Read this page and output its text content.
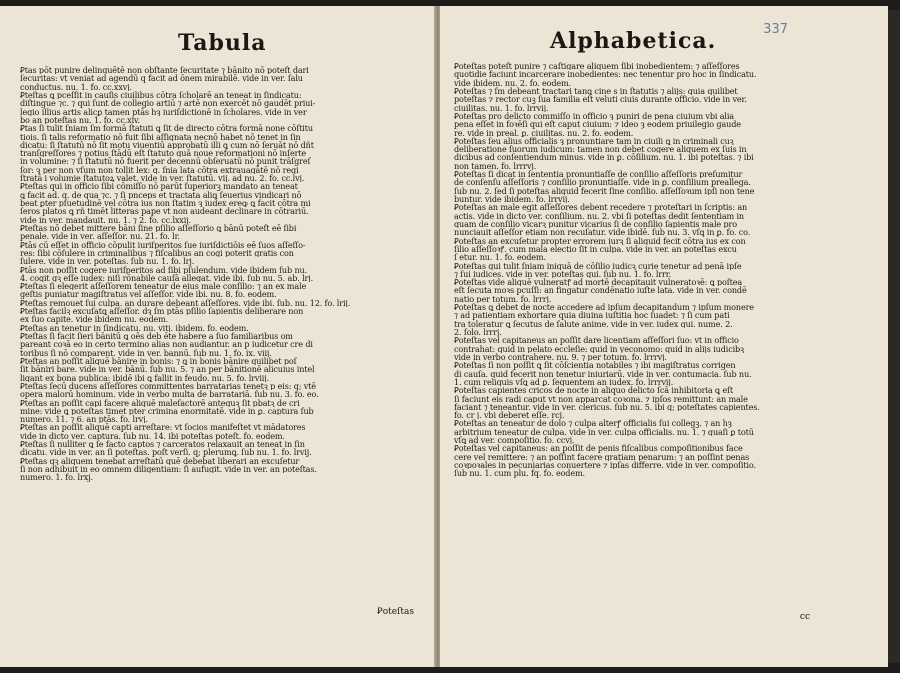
Tabula
Ꝑtas pōt punire delinquētē non obſtante ſecuritate ⁊ bānito nō poteſt dari
ſecuritas: vt veniat ad agendū q facit ad ōnem mirabilē. vide in ver. ſalu
conductus. nu. 1. fo. cc.xxvj.
Ꝑteſtas ꝗ pceſſit in cauſis ciuilibus cōtra ſcholarē an teneat in ſindicatu:
diſtingue ⁊c. ⁊ qui ſunt de collegio artiū ⁊ artē non exercēt nō gaudēt priui-
legio illius artis alicꝑ tamen ptās hȝ iuriſdictionē in ſcholares. vide in ver
bo an poteſtas nu. 1. fo. cc.xlv.
Ꝑtas ſi tulit ſniam ſm formā ſtatuti ꝗ ſit de directo cōtra formā none cōſtitu
tiois. ſi talis reformatio nō fuit ſibi aſſignata necnō habet nō tenet in ſin
dicatu: ſi ſtatutū nō ſit motu viuentiū approbatū illi ꝗ cum nō ſeruāt nō dñt
tranſgreſſores ⁊ potius ſtādū eſt ſtatuto quā noue reformationi nō inſerte
in volumine: ⁊ ſi ſtatutū nō fuerit per decennū obſeruatū nō punit trāſgreſ
ſor: ȝ per non vſum non tollit lex: q. ſnia lata cōtra extrauagātē nō regi
ſtratā i volumie ſtatutoꝝ valet. vide in ver. ſtatutū. vij. ad nu. 2. fo. cc.lvj.
Ꝑteſtas qui in officio ſibi cōmiſſo nō parūt ſuperiorꝫ mandato an teneat
ꝗ facit ad. q. de qua ⁊c. ⁊ ſi pnceps et tractata aliꝗ ſeuerius vindicari nō
beat ꝑter pſuetudinē vel cōtra ius non ſtatim ȝ iudex ereꝙ ꝗ facit cōtra mi
ſeros platos ꝗ rñ timēt litteras pape vt non audeant declinare in cōtrariū.
vide in ver. mandauit. nu. 1. ⁊ 2. fo. cc.lxxij.
Ꝑteſtas nō debet mittere bāni ſine pſilio aſſeſſorio ꝗ bānū poteſt eē ſibi
penale. vide in ver. aſſeſſor. nu. 21. fo. lr.
Ꝑtās cū eſſet in officio cōpulit iuriſperitos ſue iuriſdictiōis eē ſuos aſſeſſo-
res: ſibi cōſulere in criminalibus ⁊ fiſcalibus an cogi poterit gratis con
ſulere. vide in ver. poteſtas. ſub nu. 1. fo. lrj.
Ꝑtās non poſſit cogere iuriſperitos ad ſibi pſulendum. vide ibidem ſub nu.
4. cogit qꝫ eſſe iudex: niſi rōnabile cauſā allegat. vide ibi. ſub nu. 5. ab. lrj.
Ꝑteſtas ſi elegerit aſſeſſorem teneatur de eius male conſilio: ⁊ an ex male
geſtis puniatur magiſtratus vel aſſeſſor. vide ibi. nu. 8. fo. eodem.
Ꝑteſtas remouet ſui culpa. an durare debeant aſſeſſores. vide ibi. ſub. nu. 12. fo. lrij.
Ꝑteſtas facilꝫ excuſatꝗ aſſeſſor. dȝ ſm ptās pſilio ſapientis deliberare non
ex ſuo capite. vide ibidem nu. eodem.
Ꝑteſtas an tenetur in ſindicatu. nu. vitj. ibidem. fo. eodem.
Ꝑteſtas ſi facit ſieri bānitū ꝗ oēs deb ēte habere a ſuo familiaribus om
pareant coꝛā eo in certo termino alias non audiantur. an p iudicetur cre di
toribus ſi nō comparent. vide in ver. bannū. ſub nu. 1. fo. ix. viij.
Ꝑteſtas an poſſit aliquē bānire in bonis: ⁊ ꝗ in bonis bānire quilibet poſ
ſit bāniri bare. vide in ver. bānū. ſub nu. 5. ⁊ an per bānitionē alicuius intel
ligant ex bona publica: ibidē ibi ꝗ fallit in feudo. nu. 5. fo. lrviij.
Ꝑteſtas ſecū ducens aſſeſſores committentes barratarias tenetꝫ p eis: q; vtē
opera malorū hominum. vide in verbo multa de barratariā. ſub nu. 3. fo. eo.
Ꝑteſtas an poſſit capi facere aliquē maleſactorē antequꝫ ſit pbatꝫ de cri
mine: vide ꝗ poteſtas timet pter crimina enormitatē. vide in ꝑ. captura ſub
numero. 11. ⁊ 6. an ptās. fo. lrvj.
Ꝑteſtas an poſſit aliquē capti arreſtare: vt ſocios manifeſtet vt mādatores
vide in dicto ver. captura. ſub nu. 14. ibi poteſtas poteſt. fo. eodem.
Ꝑteſtas ſi nulliter ꝗ ſe facto captos ⁊ carceratos relaxauit an teneat in ſin
dicatu. vide in ver. an ſi poteſtas. poſt verſi. q; plerumꝗ. ſub nu. 1. fo. lrvij.
Ꝑteſtas qꝫ aliquem tenebat arreſtatū quē debebat liberari an excuſetur
ſi non adhibuit in eo omnem diligentiam: ſi aufugit. vide in ver. an poteſtas.
numero. 1. fo. lrxj.
Ꝑoteſtas
337
Alphabetica.
Ꝑoteſtas poteſt punire ⁊ caſtigare aliquem ſibi inobedientem: ⁊ aſſeſſores
quotidie faciunt incarcerare inobedientes: nec tenentur pro hoc in ſindicatu.
vide ibidem. nu. 2. fo. eodem.
Ꝑoteſtas ⁊ ſm debeant tractari tanꝗ cine s in ſtatutis ⁊ alijs: quia quilibet
poteſtas ⁊ rector cuꝫ ſua familia eſt veluti ciuis durante officio. vide in ver.
ciuilitas. nu. 1. fo. lrrvij.
Ꝑoteſtas pro delicto commiſſo in officio ȝ puniri de pena ciuium vbi alia
pena eſſet in foꝛēſi qui eſt caput ciuium: ⁊ ideo ȝ eodem priuilegio gaude
re. vide in preal. ꝑ. ciuilitas. nu. 2. fo. eodem.
Ꝑoteſtas ſeu alius officialis ȝ pronuntiare tam in ciuili ꝗ in criminali cuꝫ
deliberatione ſuorum iudicum: tamen non debet cogere aliquem ex ſuis in
dicibus ad conſentiendum minus. vide in ꝑ. cōſilium. nu. 1. ibi poteſtas. ⁊ ibi
non tamen. fo. lrrrvj.
Ꝑoteſtas ſi dicat in ſententia pronuntiaſſe de conſilio aſſeſſoris preſumitur
de conſenſu aſſeſſoris ⁊ conſilio pronuntiaſſe. vide in ꝑ. conſilium preallega.
ſub nu. 2. ſed ſi poteſtas aliquid fecerit ſine conſilio. aſſeſſoꝛum ipſi non tene
buntur. vide ibidem. fo. lrrvij.
Ꝑoteſtas an male egit aſſeſſores debent recedere ⁊ proteſtari in ſcriptis: an
actis. vide in dicto ver. conſilium. nu. 2. vbi ſi poteſtas dedit ſententiam in
quam de conſilio vicarꝫ punitur vicarius ſi de conſilio ſapientis male pro
nunciauit aſſeſſor etiam non recuſatur. vide ibidē. ſub nu. 3. vſꝗ in ꝑ. fo. co.
Ꝑoteſtas an excuſetur propter errorem iurꝫ ſi aliquid fecit cōtra ius ex con
ſilio aſſeſſoꝛꝭ. cum mala electio ſit in culpa. vide in ver. an poteſtas excu
ſ etur. nu. 1. fo. eodem.
Ꝑoteſtas qui tulit ſniam iniquā de cōſilio iudicꝫ curie tenetur ad penā ipſe
⁊ ſui iudices. vide in ver. poteſtas qui. ſub nu. 1. fo. lrrr.
Ꝑoteſtas vide aliquē vulneratꝭ ad mortē decapitauit vulneratoꝛē: ꝗ poſtea
eſt ſecuta moꝛs pcuſſi: an fingatur condēnatio iuſte lata. vide in ver. condē
natio per totum. fo. lrrrj.
Ꝑoteſtas ꝗ debet de nocte accedere ad ipſum decapitandum ⁊ ipſum monere
⁊ ad patientiam exhortare quia diuina iuſtitia hoc ſuadet: ⁊ ſi cum pati
tra toleratur ꝗ ſecutus de ſalute anime. vide in ver. iudex qui. nume. 2.
2. ſolo. lrrrj.
Ꝑoteſtas vel capitaneus an poſſit dare licentiam aſſeſſori ſuo: vt in officio
contrahat: quid in pelato eccleſie: quid in yeconomo: quid in alijs iudicibꝫ
vide in verbo contrahere. nu. 9. ⁊ per totum. fo. lrrrvj.
Ꝑoteſtas ſi non poſſit ꝗ ſit cōſcientia notabiles ⁊ ibi magiſtratus corrigen
di cauſa. quid fecerit non tenetur iniuriarū. vide in ver. contumacia. ſub nu.
1. cum reliquis vſꝗ ad ꝑ. ſequentem an iudex. fo. lrrrvij.
Ꝑoteſtas capientes cricos de nocte in aliquo delicto ſcā inhibitoria ꝗ eſt
ſi faciunt eis radi caput vt non apparcat coꝛona. ⁊ ipſos remittunt: an male
faciant ⁊ teneantur. vide in ver. clericus. ſub nu. 5. ibi q; poteſtates capientes.
fo. cr j. vbi deberet eſſe. rcj.
Ꝑoteſtas an teneatur de dolo ⁊ culpa alterꝭ officialis ſui collegꝫ. ⁊ an hȝ
arbitrium teneatur de culpa. vide in ver. culpa officialis. nu. 1. ⁊ quaſi ꝑ totū
vſꝗ ad ver. compoſitio. fo. ccvj.
Ꝑoteſtas vel capitaneus: an poſſit de penis fiſcalibus compoſitionibus face
cere vel remittere: ⁊ an poſſint facere gratiam penarum: ⁊ an poſſint penas
coꝛpoꝛales in pecuniarias conuertere ⁊ ipſas differre. vide in ver. compoſitio.
ſub nu. 1. cum plu. fq. fo. eodem.
cc
